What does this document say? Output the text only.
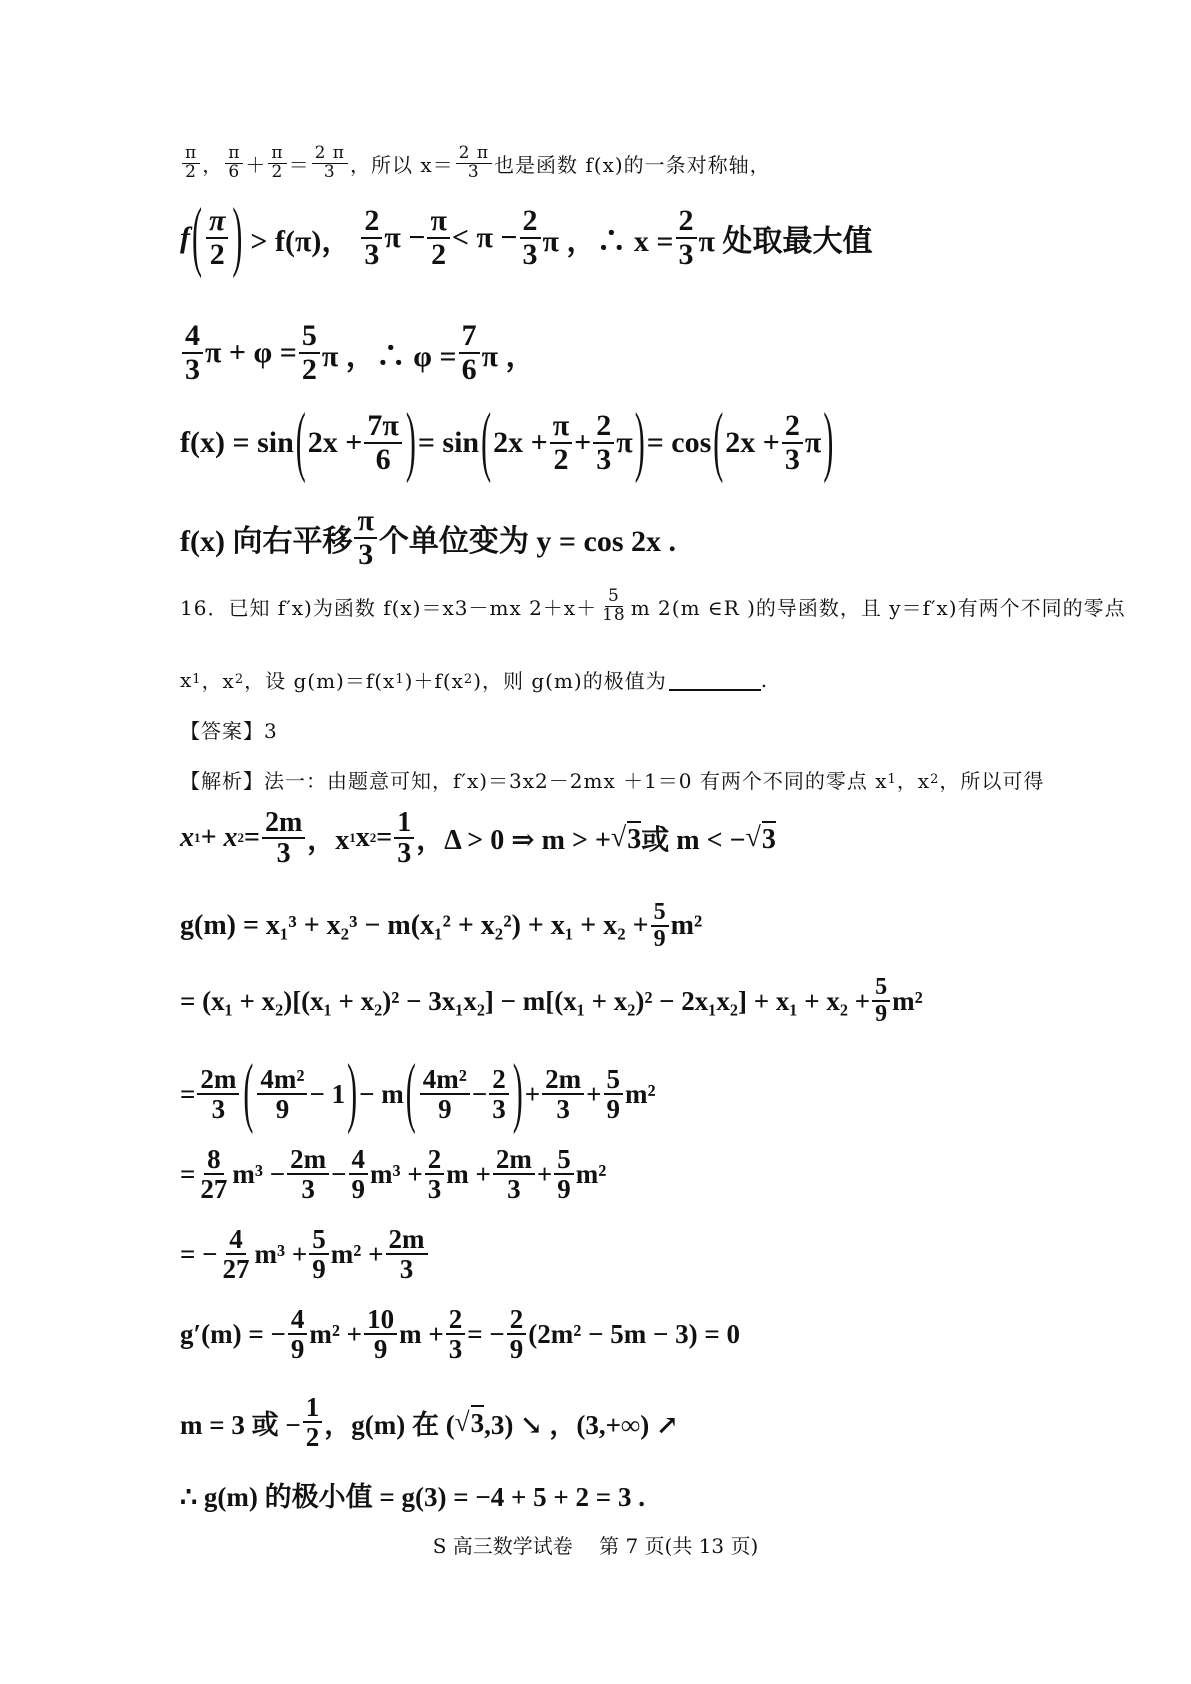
$\frac{\pi}{2}$ ， $\frac{\pi}{6} + \frac{\pi}{2} = \frac{2 \pi}{3}$ ，所以 $x= \frac{2 \pi}{3}$ 也是函数 f(x)的一条对称轴，
f ( $\frac{\pi}{2}$ ) > f(π)， $\frac{2}{3}$ $\pi - \frac{\pi}{2} < \pi - \frac{2}{3}$ π ，∴ $x = \frac{2}{3}$ π 处取最大值
$\frac{4}{3}$ $\pi + \varphi = \frac{5}{2}$ π ，∴ $\varphi = \frac{7}{6}$ π ，
f(x) = sin ( $2x + \frac{7\pi}{6}$ ) = sin ( $2x + \frac{\pi}{2} + \frac{2}{3}$ π ) = cos ( $2x + \frac{2}{3}$ π )
f(x) 向右平移 $\frac{\pi}{3}$ 个单位变为 y = cos 2x .
16．已知 f′x)为函数 f(x)＝x3－mx $2+x+ \frac{5}{18}$ m 2(m ∈R )的导函数，且 y＝f′x)有两个不同的零点
x 1 ，x 2 ，设 g(m)＝f(x 1 )＋f(x 2 )，则 g(m)的极值为	.
【答案】3
【解析】法一：由题意可知，f′x)＝3x2－2mx ＋1＝0 有两个不同的零点 x 1 ，x 2 ，所以可得
x 1 + x $2 = \frac{2m}{3}$ ，x 1 x $2 = \frac{1}{3}$ ，Δ > 0 ⇒ m > + √ 3 或 m < − √ 3
$g(m) = x_1^3 + x_2^3 - m(x_1^2 + x_2^2) + x_1 + x_2 + \frac{5}{9} m^2$
= $(x_1 + x_2)[(x_1 + x_2)^2 - 3x_1x_2] - m[(x_1 + x_2)^2 - 2x_1x_2] + x_1 + x_2 + \frac{5}{9} m^2$
= $\frac{2m}{3}$ ( $\frac{\text{4m²}}{9} - 1$ ) − m ( $\frac{\text{4m²}}{9} - \frac{2}{3}$ ) + $\frac{2m}{3} + \frac{5}{9} m^2$
= $\frac{8}{27} m^3 - \frac{2m}{3} - \frac{4}{9} m^3 + \frac{2}{3}$ $m + \frac{2m}{3} + \frac{5}{9} m^2$
= − $\frac{4}{27} m^3 + \frac{5}{9} m^2 + \frac{2m}{3}$
g′(m) = − $\frac{4}{9} m^2 + \frac{10}{9}$ $m + \frac{2}{3}$ = − $\frac{2}{9} (2m^2 - 5m - 3) = 0$
m = 3 或 − $\frac{1}{2}$ ，g(m) 在 ( √ 3 ,3) ↘ ，(3,+∞) ↗
∴ g(m) 的极小值 = g(3) = −4 + 5 + 2 = 3 .
S 高三数学试卷　 第 7 页(共 13 页)
